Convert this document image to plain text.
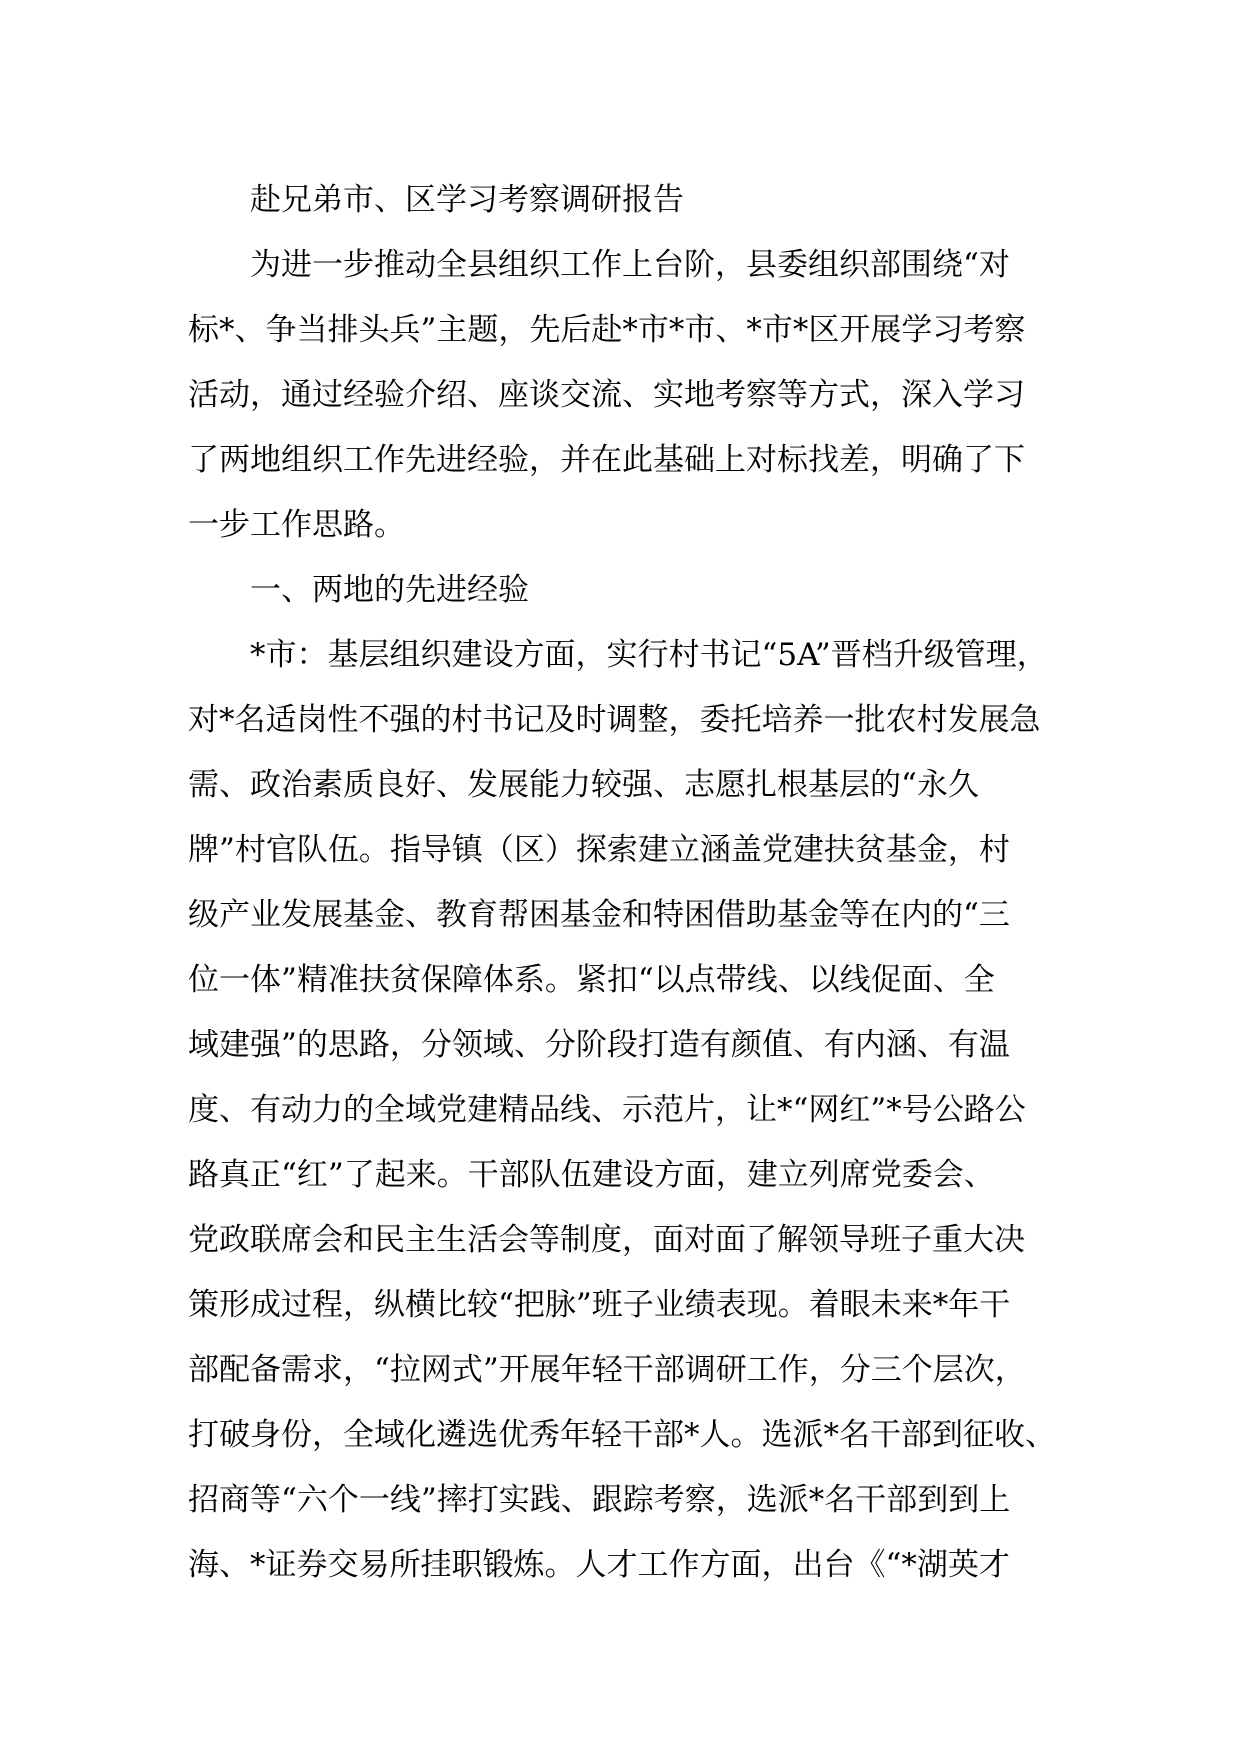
赴兄弟市、区学习考察调研报告
为进一步推动全县组织工作上台阶，县委组织部围绕“对
标*、争当排头兵”主题，先后赴*市*市、*市*区开展学习考察
活动，通过经验介绍、座谈交流、实地考察等方式，深入学习
了两地组织工作先进经验，并在此基础上对标找差，明确了下
一步工作思路。
一、两地的先进经验
*市：基层组织建设方面，实行村书记“5A”晋档升级管理，
对*名适岗性不强的村书记及时调整，委托培养一批农村发展急
需、政治素质良好、发展能力较强、志愿扎根基层的“永久
牌”村官队伍。指导镇（区）探索建立涵盖党建扶贫基金，村
级产业发展基金、教育帮困基金和特困借助基金等在内的“三
位一体”精准扶贫保障体系。紧扣“以点带线、以线促面、全
域建强”的思路，分领域、分阶段打造有颜值、有内涵、有温
度、有动力的全域党建精品线、示范片，让*“网红”*号公路公
路真正“红”了起来。干部队伍建设方面，建立列席党委会、
党政联席会和民主生活会等制度，面对面了解领导班子重大决
策形成过程，纵横比较“把脉”班子业绩表现。着眼未来*年干
部配备需求，“拉网式”开展年轻干部调研工作，分三个层次，
打破身份，全域化遴选优秀年轻干部*人。选派*名干部到征收、
招商等“六个一线”摔打实践、跟踪考察，选派*名干部到到上
海、*证券交易所挂职锻炼。人才工作方面，出台《“*湖英才
